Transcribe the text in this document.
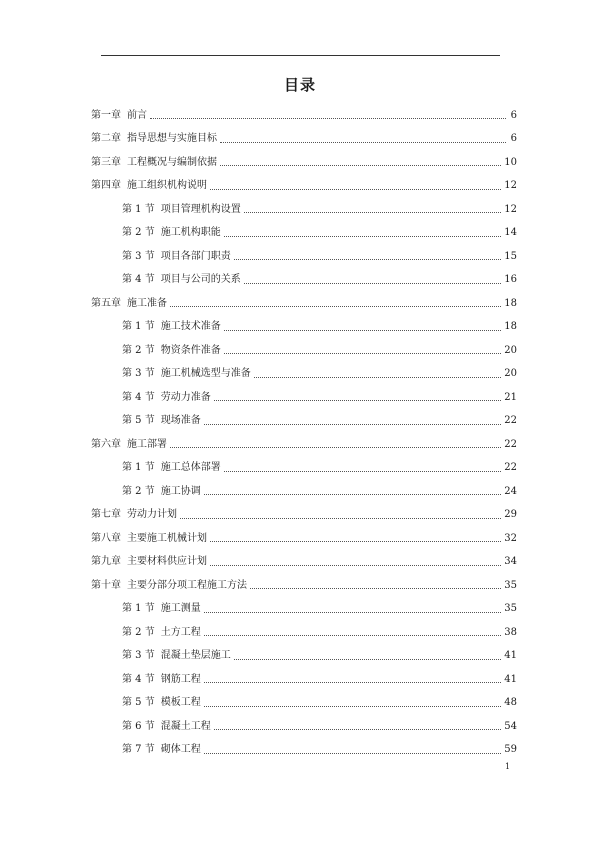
目录
第一章 前言	6
第二章 指导思想与实施目标	6
第三章 工程概况与编制依据	10
第四章 施工组织机构说明	12
第 1 节 项目管理机构设置	12
第 2 节 施工机构职能	14
第 3 节 项目各部门职责	15
第 4 节 项目与公司的关系	16
第五章 施工准备	18
第 1 节 施工技术准备	18
第 2 节 物资条件准备	20
第 3 节 施工机械选型与准备	20
第 4 节 劳动力准备	21
第 5 节 现场准备	22
第六章 施工部署	22
第 1 节 施工总体部署	22
第 2 节 施工协调	24
第七章 劳动力计划	29
第八章 主要施工机械计划	32
第九章 主要材料供应计划	34
第十章 主要分部分项工程施工方法	35
第 1 节 施工测量	35
第 2 节 土方工程	38
第 3 节 混凝土垫层施工	41
第 4 节 钢筋工程	41
第 5 节 模板工程	48
第 6 节 混凝土工程	54
第 7 节 砌体工程	59
1
